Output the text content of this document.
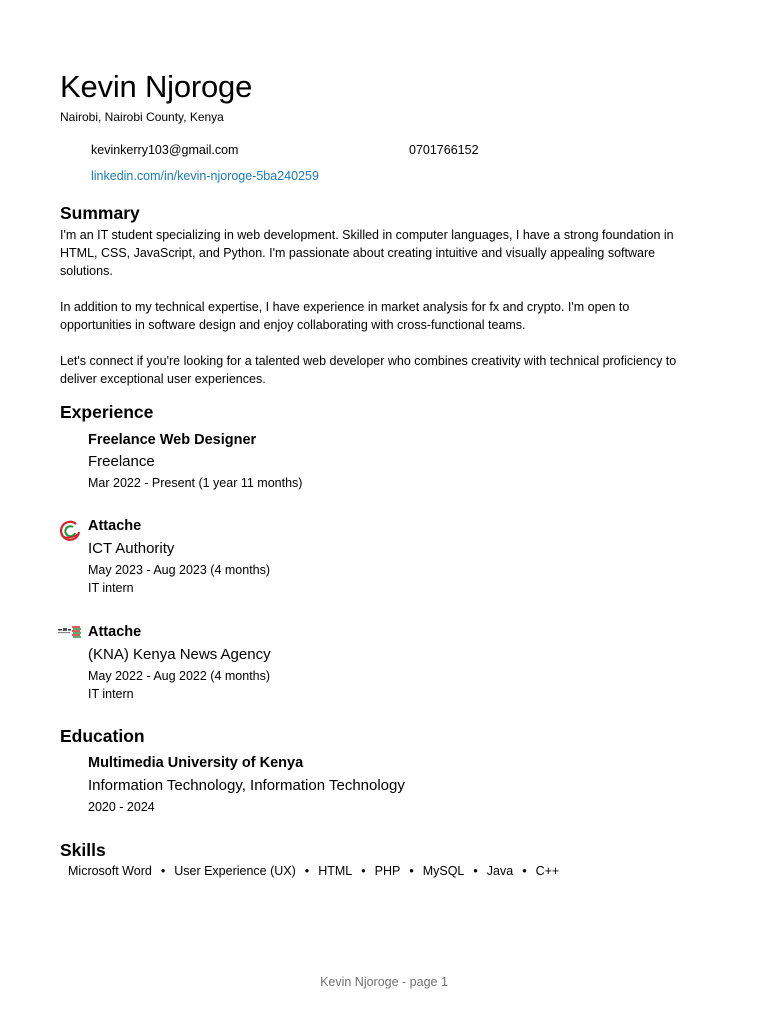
Kevin Njoroge
Nairobi, Nairobi County, Kenya
kevinkerry103@gmail.com	0701766152
linkedin.com/in/kevin-njoroge-5ba240259
Summary

I'm an IT student specializing in web development. Skilled in computer languages, I have a strong foundation in HTML, CSS, JavaScript, and Python. I'm passionate about creating intuitive and visually appealing software solutions.

In addition to my technical expertise, I have experience in market analysis for fx and crypto. I'm open to opportunities in software design and enjoy collaborating with cross-functional teams.

Let's connect if you're looking for a talented web developer who combines creativity with technical proficiency to deliver exceptional user experiences.

Experience
Freelance Web Designer
Freelance
Mar 2022 - Present (1 year 11 months)
Attache
ICT Authority
May 2023 - Aug 2023 (4 months)
IT intern
Attache
(KNA) Kenya News Agency
May 2022 - Aug 2022 (4 months)
IT intern
Education
Multimedia University of Kenya
Information Technology, Information Technology
2020 - 2024
Skills
Microsoft Word • User Experience (UX) • HTML • PHP • MySQL • Java • C++
Kevin Njoroge - page 1
